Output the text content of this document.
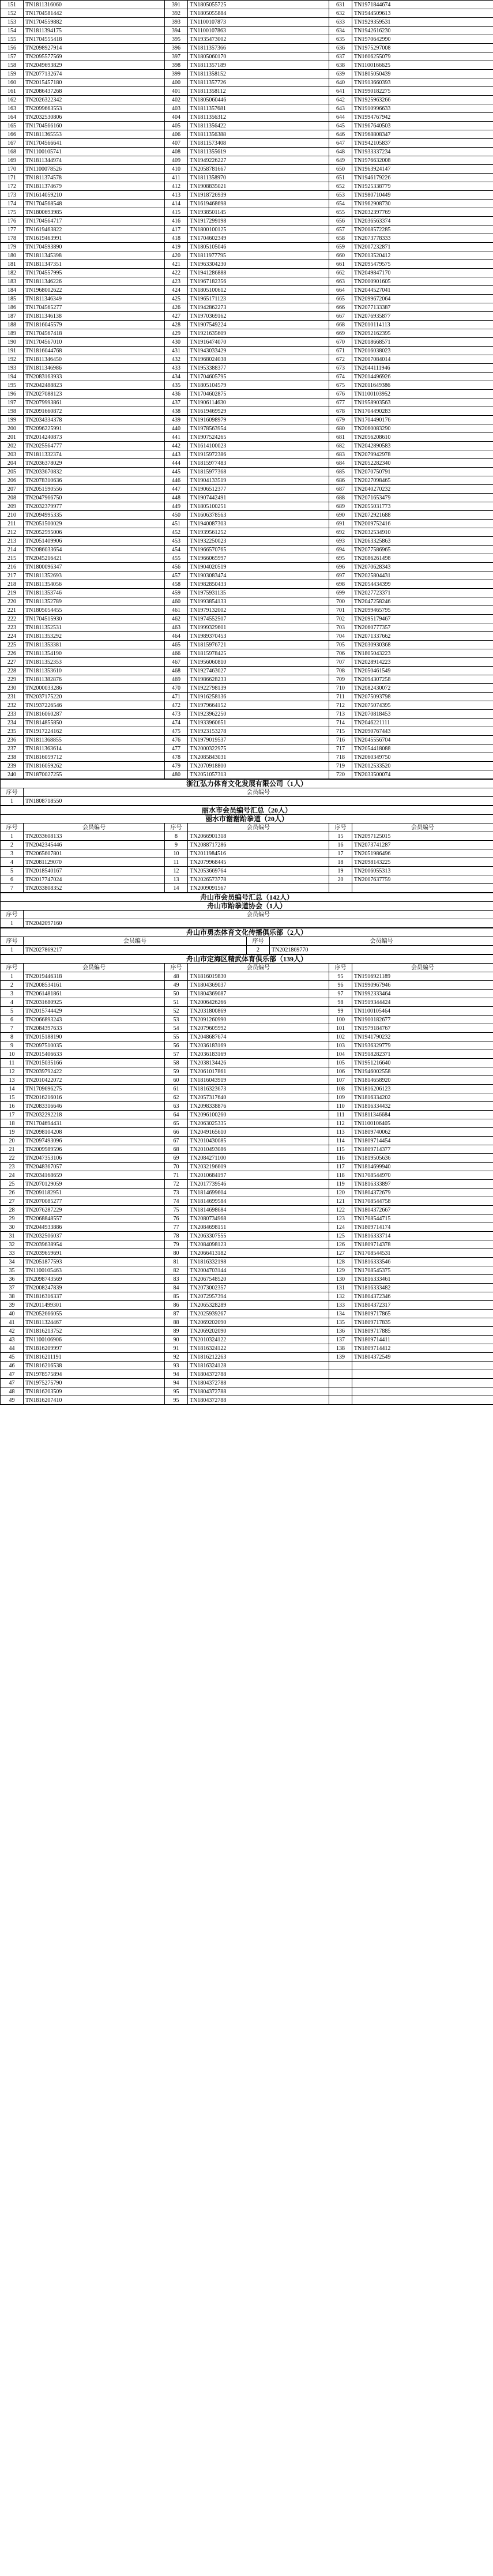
151	TN1811316060	391	TN1805055725	631	TN1971844674
152	TN1704581442	392	TN1805055884	632	TN1944509613
153	TN1704559882	393	TN1100107873	633	TN1929359531
154	TN1811394175	394	TN1100107863	634	TN1942616230
155	TN1704555418	395	TN1935473002	635	TN1970642990
156	TN2098927914	396	TN1811357366	636	TN1975297008
157	TN2095577569	397	TN1805060170	637	TN1606255079
158	TN2049693829	398	TN1811357189	638	TN1100166625
159	TN2077132674	399	TN1811358152	639	TN1805050439
160	TN2015457180	400	TN1811357726	640	TN1913660393
161	TN2086437268	401	TN1811358112	641	TN1990182275
162	TN2026322342	402	TN1805060446	642	TN1925963266
163	TN2099663553	403	TN1811357681	643	TN1910996633
164	TN2032530806	404	TN1811356312	644	TN1994767942
165	TN1704566160	405	TN1811356422	645	TN1967640503
166	TN1811365553	406	TN1811356388	646	TN1968808347
167	TN1704566641	407	TN1811573408	647	TN1942105837
168	TN1100105741	408	TN1811355619	648	TN1933337234
169	TN1811344974	409	TN1949226227	649	TN1976632008
170	TN1100078526	410	TN2058781667	650	TN1963924147
171	TN1811374578	411	TN1811358970	651	TN1946179226
172	TN1811374679	412	TN1908835021	652	TN1925338779
173	TN1614059210	413	TN1918726939	653	TN1980710449
174	TN1704568548	414	TN1619468698	654	TN1962908730
175	TN1800693985	415	TN1938501145	655	TN2032397769
176	TN1704564717	416	TN1917299198	656	TN2036563374
177	TN1619463822	417	TN1800100125	657	TN2008572285
178	TN1619463991	418	TN1704602349	658	TN2073778333
179	TN1704593890	419	TN1805105046	659	TN2007232871
180	TN1811345398	420	TN1811977795	660	TN2013520412
181	TN1811347351	421	TN1963304230	661	TN2095479575
182	TN1704557995	422	TN1941286888	662	TN2049847170
183	TN1811346226	423	TN1967182356	663	TN2000901605
184	TN1968002622	424	TN1805100612	664	TN2044527041
185	TN1811346349	425	TN1965171123	665	TN2099672064
186	TN1704565277	426	TN1942862273	666	TN2077133387
187	TN1811346138	427	TN1970369162	667	TN2076935877
188	TN1816045579	428	TN1907549224	668	TN2010114113
189	TN1704567418	429	TN1921635609	669	TN2092162395
190	TN1704567010	430	TN1916474070	670	TN2018668571
191	TN1816044768	431	TN1943033429	671	TN2016038023
192	TN1811346450	432	TN1968024038	672	TN2007084014
193	TN1811346986	433	TN1953388377	673	TN2044111946
194	TN2083163933	434	TN1704605795	674	TN2014496926
195	TN2042488823	435	TN1805104579	675	TN2011649386
196	TN2027088123	436	TN1704602875	676	TN1100103952
197	TN2079993861	437	TN1906114630	677	TN1958903563
198	TN2091660872	438	TN1619469929	678	TN1704490283
199	TN2034334378	439	TN1916098979	679	TN1704490176
200	TN2096225991	440	TN1978563954	680	TN2060083290
201	TN2014240873	441	TN1907524265	681	TN2056208610
202	TN2025564777	442	TN1614100023	682	TN2042890583
203	TN1811332374	443	TN1915972386	683	TN2079942978
204	TN2036378029	444	TN1815977483	684	TN2052282340
205	TN2033670832	445	TN1815977368	685	TN2070750791
206	TN2078310636	446	TN1904133519	686	TN2027098465
207	TN2051590556	447	TN1906512377	687	TN2040270232
208	TN2047966750	448	TN1907442491	688	TN2071653479
209	TN2032379977	449	TN1805100251	689	TN2055031773
210	TN2094995335	450	TN1606378563	690	TN2072921688
211	TN2051500029	451	TN1940087303	691	TN2009752416
212	TN2052595006	452	TN1939561252	692	TN2032534910
213	TN2051409906	453	TN1932250023	693	TN2063325863
214	TN2086033654	454	TN1966570765	694	TN2077586965
215	TN2045216421	455	TN1966065997	695	TN2086261498
216	TN1800096347	456	TN1904020519	696	TN2070628343
217	TN1811352693	457	TN1903083474	697	TN2025804431
218	TN1811354056	458	TN1982850433	698	TN2054434399
219	TN1811353746	459	TN1975931135	699	TN2027723371
220	TN1811352789	460	TN1993854133	700	TN2047258246
221	TN1805054455	461	TN1979132002	701	TN2099465795
222	TN1704515930	462	TN1974552507	702	TN2095179467
223	TN1811352531	463	TN1999329601	703	TN2060777357
224	TN1811353292	464	TN1989370453	704	TN2071337662
225	TN1811353381	465	TN1815976721	705	TN2030930368
226	TN1811354190	466	TN1815978425	706	TN1805043223
227	TN1811352353	467	TN1956060810	707	TN2028914223
228	TN1811353610	468	TN1927463027	708	TN2050461549
229	TN1811382876	469	TN1986628233	709	TN2094307258
230	TN2000033286	470	TN1922798139	710	TN2082430072
231	TN2037175220	471	TN1916258136	711	TN2075093798
232	TN1937226546	472	TN1979664152	712	TN2075074395
233	TN1816060287	473	TN1923962250	713	TN2070818453
234	TN1814855850	474	TN1933960651	714	TN2046221111
235	TN1917224162	475	TN1923153278	715	TN2090767443
236	TN1811368855	476	TN1979019537	716	TN2045556704
237	TN1811363614	477	TN2000322975	717	TN2054418088
238	TN1816059712	478	TN2085843031	718	TN2060349750
239	TN1816059262	479	TN2070918800	719	TN2012533520
240	TN1870027255	480	TN2051057313	720	TN2033500074
浙江弘力体育文化发展有限公司（1人）	
序号	会员编号
1	TN1808718550
丽水市会员编号汇总（20人）					
丽水市谢谢跆拳道（20人）					
序号	会员编号	序号	会员编号	序号	会员编号
1	TN2033608133	8	TN2066901318	15	TN2097125015
2	TN2042345446	9	TN2088717286	16	TN2073741287
3	TN2065607801	10	TN2011984516	17	TN2051986496
4	TN2081129070	11	TN2079968445	18	TN2098143225
5	TN2018540167	12	TN2053669764	19	TN2006055313
6	TN2017747024	13	TN2026573778	20	TN2007637759
7	TN2033808352	14	TN2009091567		
舟山市会员编号汇总（142人）	
舟山市跆拳道协会（1人）	
序号	会员编号
1	TN2042097160
舟山市勇杰体育文化传播俱乐部（2人）			
序号	会员编号	序号	会员编号
1	TN2027869217	2	TN2021869770
舟山市定海区精武体育俱乐部（139人）					
序号	会员编号	序号	会员编号	序号	会员编号
1	TN2019446318	48	TN1816019830	95	TN1916921189
2	TN2008534161	49	TN1804369037	96	TN1990967946
3	TN2061481861	50	TN1804369087	97	TN1992333464
4	TN2031680925	51	TN2006426266	98	TN1919344424
5	TN2015744429	52	TN2031800869	99	TN1100105464
6	TN2066893243	53	TN2091260990	100	TN1900182677
7	TN2084397633	54	TN2079605992	101	TN1979184767
8	TN2015188190	55	TN2048687674	102	TN1941790232
9	TN2097510035	56	TN2036183169	103	TN1936329779
10	TN2015406633	57	TN2036183169	104	TN1918282371
11	TN2015035166	58	TN2038134426	105	TN1951216640
12	TN2039792422	59	TN2061017861	106	TN1946002558
13	TN2010422072	60	TN1816043919	107	TN1814658920
14	TN1709696275	61	TN1816323673	108	TN1816206123
15	TN2016216016	62	TN2057317640	109	TN1816334202
16	TN2083316646	63	TN2098338876	110	TN1816334432
17	TN2032292218	64	TN2096100260	111	TN1811346684
18	TN1704694431	65	TN2063025335	112	TN1100106405
19	TN2098104208	66	TN2049165610	113	TN1809740062
20	TN2097493096	67	TN2010430085	114	TN1809714454
21	TN2009989596	68	TN2010493086	115	TN1809714377
22	TN2047353106	69	TN2084271100	116	TN1819505636
23	TN2048367057	70	TN2032196609	117	TN1814699940
24	TN2034168659	71	TN2010684197	118	TN1708544970
25	TN2070129059	72	TN2017739546	119	TN1816333897
26	TN2091182951	73	TN1814699604	120	TN1804372679
27	TN2070085277	74	TN1814699584	121	TN1708544758
28	TN2076287229	75	TN1814698684	122	TN1804372667
29	TN2068848557	76	TN2080734968	123	TN1708544715
30	TN2044933886	77	TN2084698151	124	TN1809714174
31	TN2032506037	78	TN2063307555	125	TN1816333714
32	TN2039638954	79	TN2084098123	126	TN1809714378
33	TN2039659691	80	TN2066413182	127	TN1708544531
34	TN2051877593	81	TN1816332198	128	TN1816333546
35	TN1100105463	82	TN2004703144	129	TN1708545375
36	TN2098743569	83	TN2067548520	130	TN1816333461
37	TN2008247839	84	TN2073002357	131	TN1816333482
38	TN1816316337	85	TN2072957394	132	TN1804372346
39	TN2011499301	86	TN2065328289	133	TN1804372317
40	TN2052666055	87	TN2025939267	134	TN1809717865
41	TN1811324467	88	TN2069202090	135	TN1809717835
42	TN1816213752	89	TN2069202090	136	TN1809717885
43	TN1100106906	90	TN2010324122	137	TN1809714411
44	TN1816209997	91	TN1816324122	138	TN1809714412
45	TN1816211191	92	TN1816212263	139	TN1804372549
46	TN1816216538	93	TN1816324128		
47	TN1978575894	94	TN1804372788		
47	TN1975275790	94	TN1804372788		
48	TN1816203509	95	TN1804372788		
49	TN1816207410	95	TN1804372788		
